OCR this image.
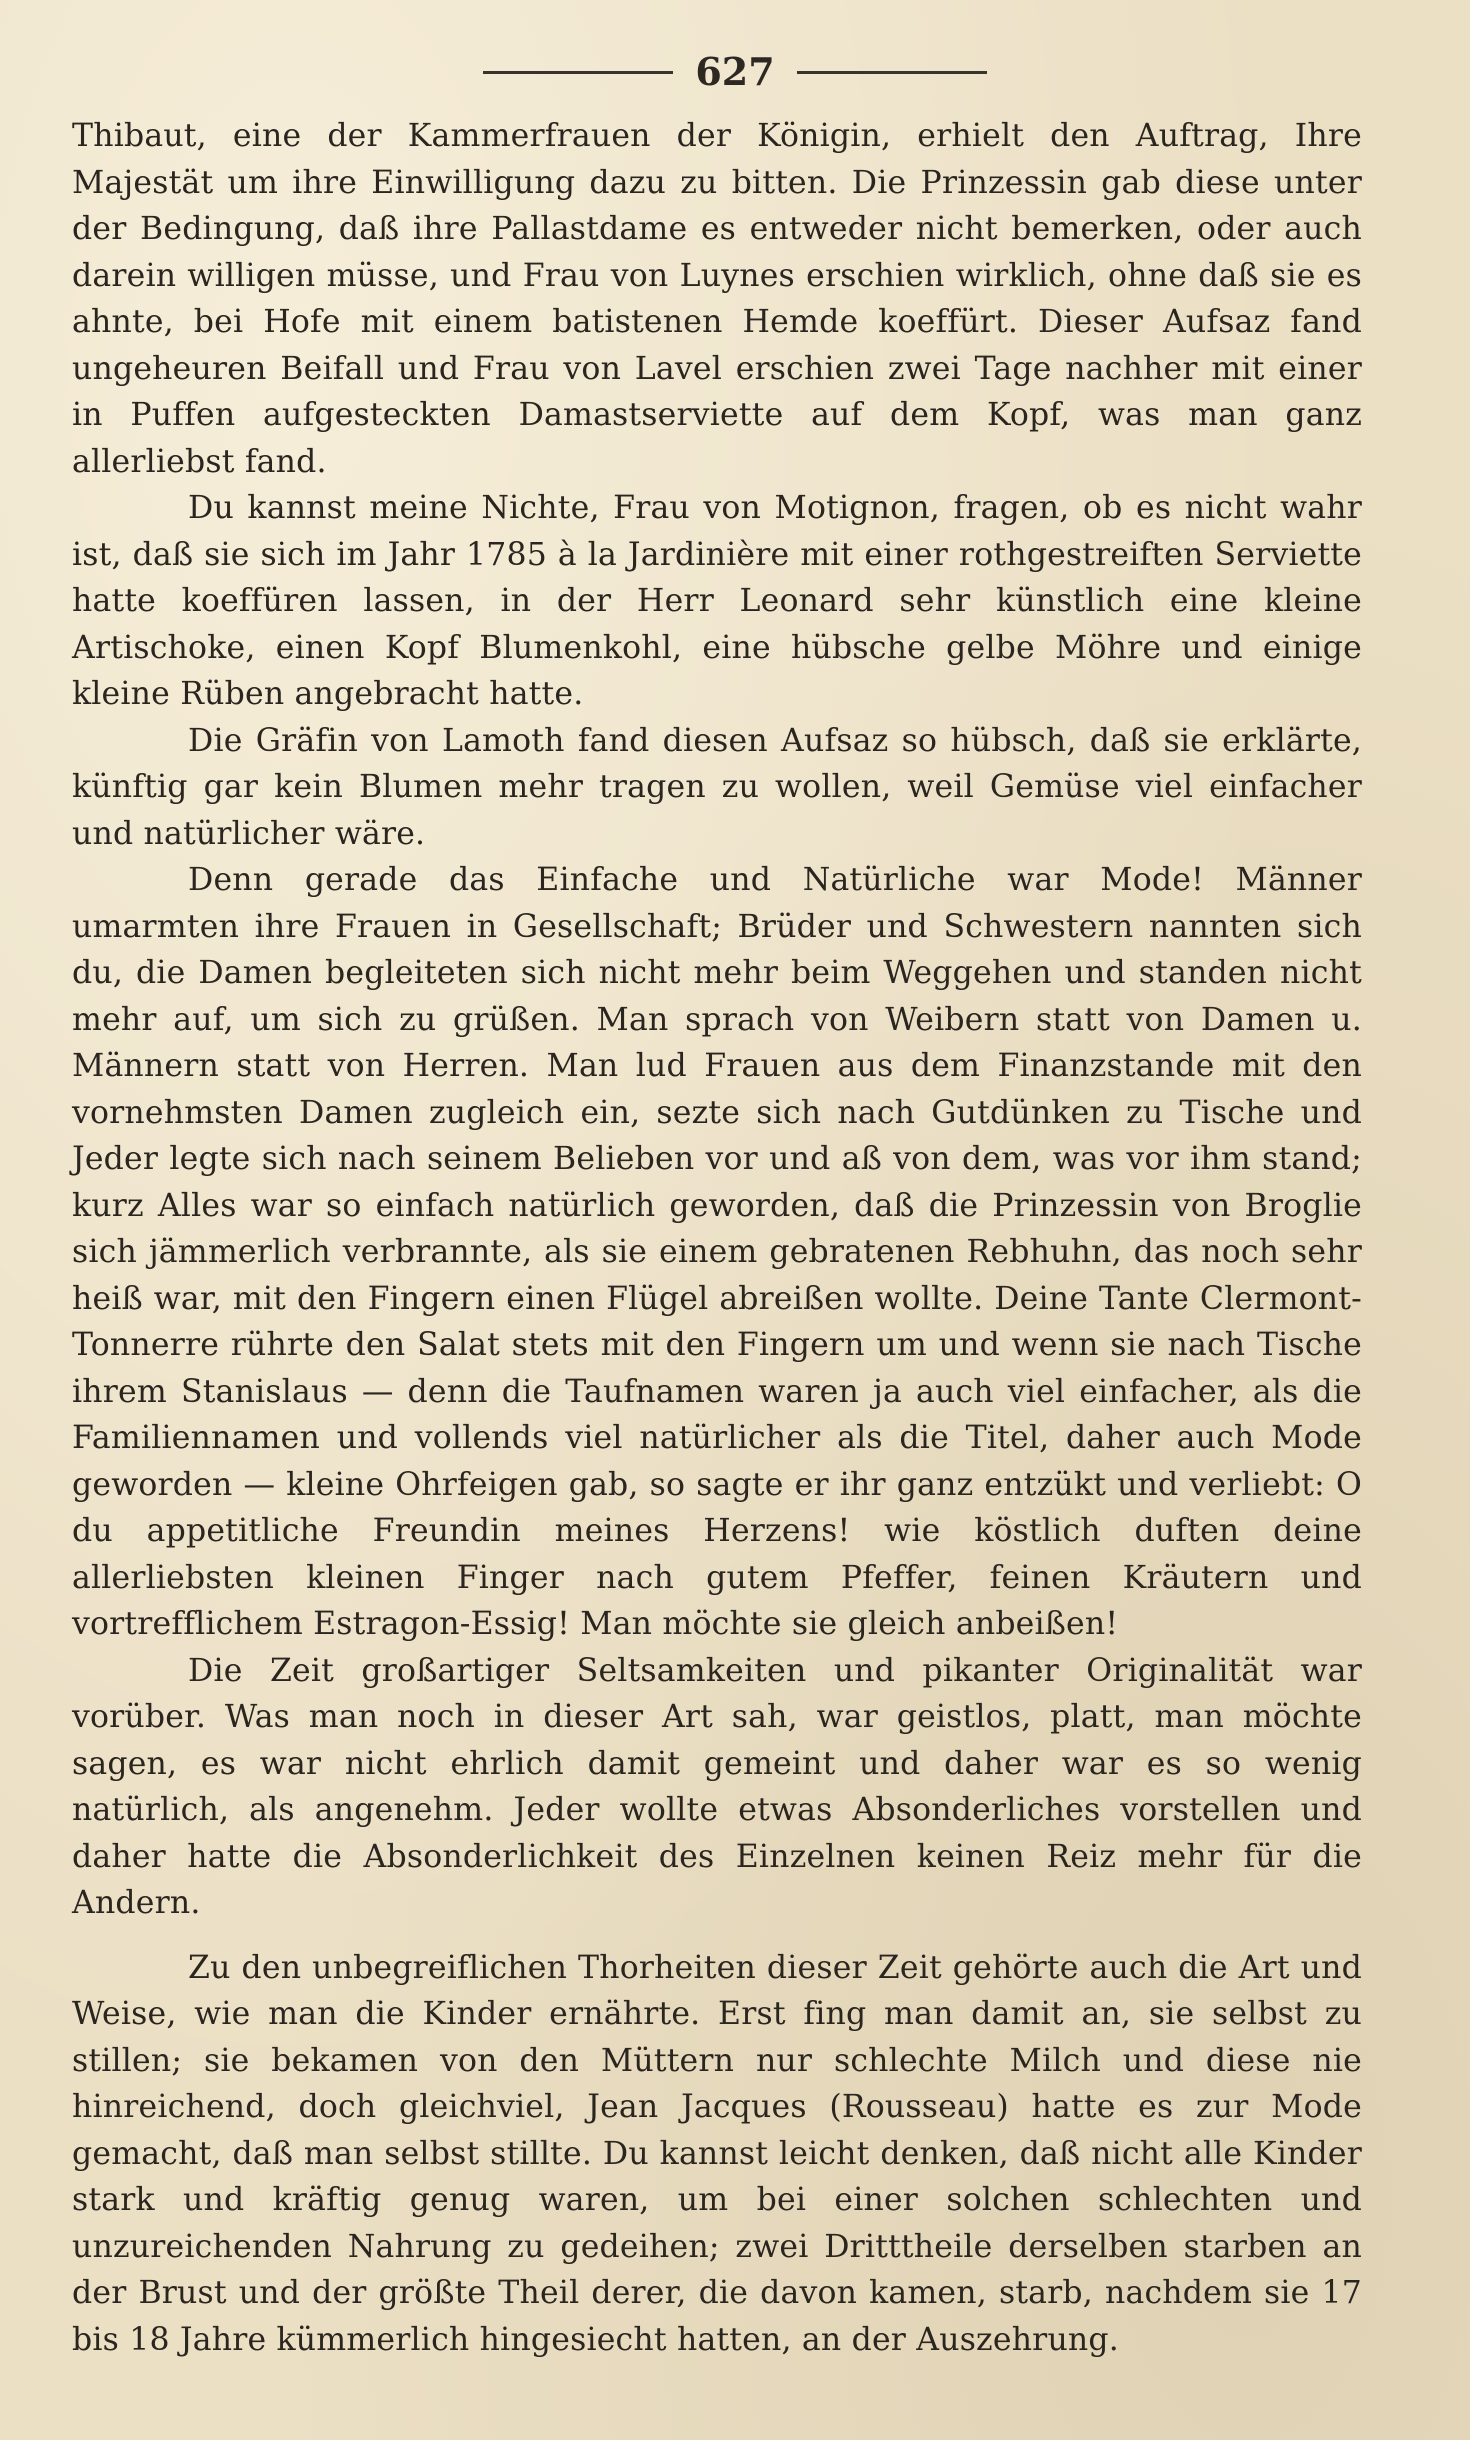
627

Thibaut, eine der Kammerfrauen der Königin, erhielt den Auftrag, Ihre Majestät um ihre Einwilligung dazu zu bitten. Die Prinzessin gab diese unter der Bedingung, daß ihre Pallastdame es entweder nicht bemerken, oder auch darein willigen müsse, und Frau von Luynes erschien wirklich, ohne daß sie es ahnte, bei Hofe mit einem batistenen Hemde koeffürt. Dieser Aufsaz fand ungeheuren Beifall und Frau von Lavel erschien zwei Tage nachher mit einer in Puffen aufgesteckten Damastserviette auf dem Kopf, was man ganz allerliebst fand.

Du kannst meine Nichte, Frau von Motignon, fragen, ob es nicht wahr ist, daß sie sich im Jahr 1785 à la Jardinière mit einer rothgestreiften Serviette hatte koeffüren lassen, in der Herr Leonard sehr künstlich eine kleine Artischoke, einen Kopf Blumenkohl, eine hübsche gelbe Möhre und einige kleine Rüben angebracht hatte.

Die Gräfin von Lamoth fand diesen Aufsaz so hübsch, daß sie erklärte, künftig gar kein Blumen mehr tragen zu wollen, weil Gemüse viel einfacher und natürlicher wäre.

Denn gerade das Einfache und Natürliche war Mode! Männer umarmten ihre Frauen in Gesellschaft; Brüder und Schwestern nannten sich du, die Damen begleiteten sich nicht mehr beim Weggehen und standen nicht mehr auf, um sich zu grüßen. Man sprach von Weibern statt von Damen u. Männern statt von Herren. Man lud Frauen aus dem Finanzstande mit den vornehmsten Damen zugleich ein, sezte sich nach Gutdünken zu Tische und Jeder legte sich nach seinem Belieben vor und aß von dem, was vor ihm stand; kurz Alles war so einfach natürlich geworden, daß die Prinzessin von Broglie sich jämmerlich verbrannte, als sie einem gebratenen Rebhuhn, das noch sehr heiß war, mit den Fingern einen Flügel abreißen wollte. Deine Tante Clermont-Tonnerre rührte den Salat stets mit den Fingern um und wenn sie nach Tische ihrem Stanislaus — denn die Taufnamen waren ja auch viel einfacher, als die Familiennamen und vollends viel natürlicher als die Titel, daher auch Mode geworden — kleine Ohrfeigen gab, so sagte er ihr ganz entzükt und verliebt: O du appetitliche Freundin meines Herzens! wie köstlich duften deine allerliebsten kleinen Finger nach gutem Pfeffer, feinen Kräutern und vortrefflichem Estragon-Essig! Man möchte sie gleich anbeißen!

Die Zeit großartiger Seltsamkeiten und pikanter Originalität war vorüber. Was man noch in dieser Art sah, war geistlos, platt, man möchte sagen, es war nicht ehrlich damit gemeint und daher war es so wenig natürlich, als angenehm. Jeder wollte etwas Absonderliches vorstellen und daher hatte die Absonderlichkeit des Einzelnen keinen Reiz mehr für die Andern.

Zu den unbegreiflichen Thorheiten dieser Zeit gehörte auch die Art und Weise, wie man die Kinder ernährte. Erst fing man damit an, sie selbst zu stillen; sie bekamen von den Müttern nur schlechte Milch und diese nie hinreichend, doch gleichviel, Jean Jacques (Rousseau) hatte es zur Mode gemacht, daß man selbst stillte. Du kannst leicht denken, daß nicht alle Kinder stark und kräftig genug waren, um bei einer solchen schlechten und unzureichenden Nahrung zu gedeihen; zwei Dritttheile derselben starben an der Brust und der größte Theil derer, die davon kamen, starb, nachdem sie 17 bis 18 Jahre kümmerlich hingesiecht hatten, an der Auszehrung.
